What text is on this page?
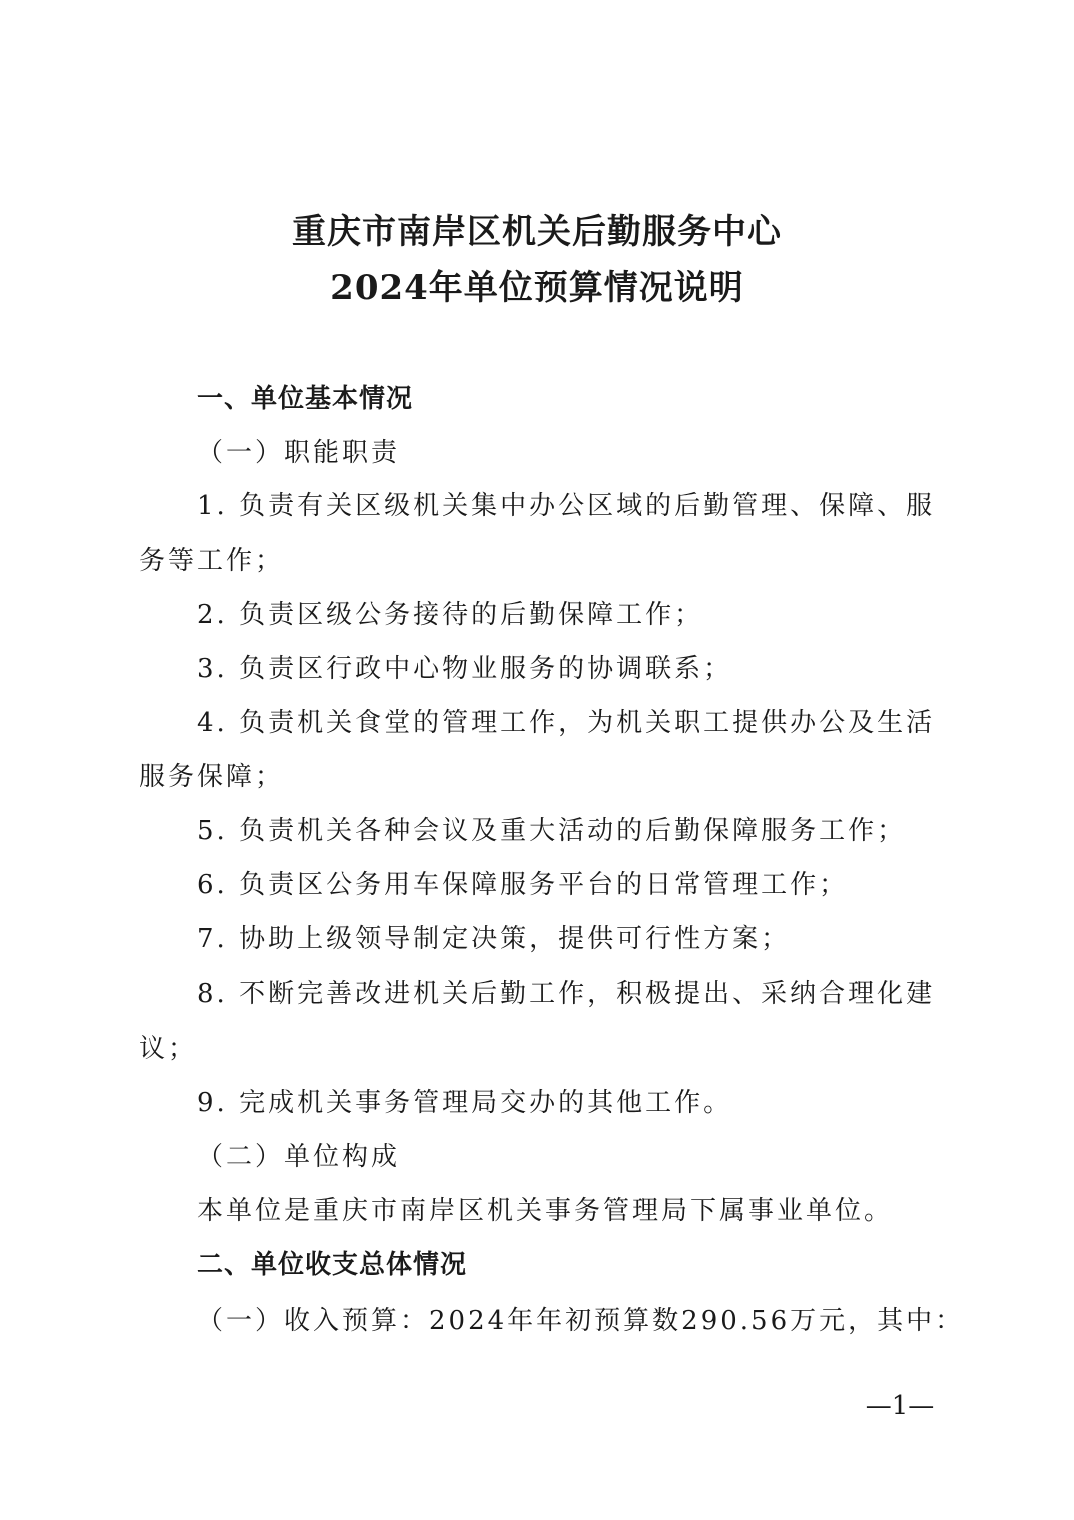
重庆市南岸区机关后勤服务中心
2024年单位预算情况说明
一、单位基本情况
（一）职能职责
1. 负责有关区级机关集中办公区域的后勤管理、保障、服
务等工作；
2. 负责区级公务接待的后勤保障工作；
3. 负责区行政中心物业服务的协调联系；
4. 负责机关食堂的管理工作，为机关职工提供办公及生活
服务保障；
5. 负责机关各种会议及重大活动的后勤保障服务工作；
6. 负责区公务用车保障服务平台的日常管理工作；
7. 协助上级领导制定决策，提供可行性方案；
8. 不断完善改进机关后勤工作，积极提出、采纳合理化建
议；
9. 完成机关事务管理局交办的其他工作。
（二）单位构成
本单位是重庆市南岸区机关事务管理局下属事业单位。
二、单位收支总体情况
（一）收入预算：2024年年初预算数290.56万元，其中：
—1—
